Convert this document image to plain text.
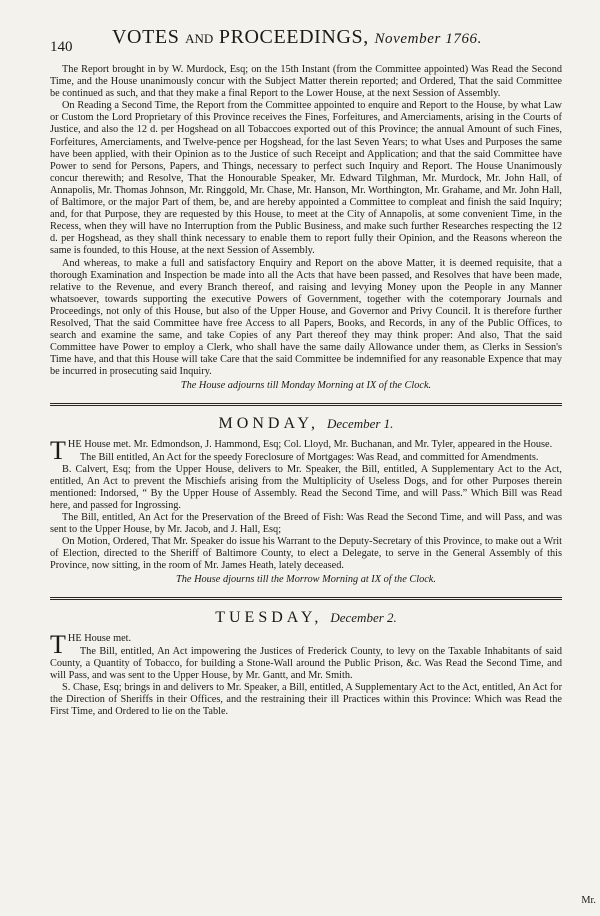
140 VOTES AND PROCEEDINGS, November 1766.

The Report brought in by W. Murdock, Esq; on the 15th Instant (from the Committee appointed) Was Read the Second Time, and the House unanimously concur with the Subject Matter therein reported; and Ordered, That the said Committee be continued as such, and that they make a final Report to the Lower House, at the next Session of Assembly.

On Reading a Second Time, the Report from the Committee appointed to enquire and Report to the House, by what Law or Custom the Lord Proprietary of this Province receives the Fines, Forfeitures, and Amerciaments, arising in the Courts of Justice, and also the 12 d. per Hogshead on all Tobaccoes exported out of this Province; the annual Amount of such Fines, Forfeitures, Amerciaments, and Twelve-pence per Hogshead, for the last Seven Years; to what Uses and Purposes the same have been applied, with their Opinion as to the Justice of such Receipt and Application; and that the said Committee have Power to send for Persons, Papers, and Things, necessary to perfect such Inquiry and Report. The House Unanimously concur therewith; and Resolve, That the Honourable Speaker, Mr. Edward Tilghman, Mr. Murdock, Mr. John Hall, of Annapolis, Mr. Thomas Johnson, Mr. Ringgold, Mr. Chase, Mr. Hanson, Mr. Worthington, Mr. Grahame, and Mr. John Hall, of Baltimore, or the major Part of them, be, and are hereby appointed a Committee to compleat and finish the said Inquiry; and, for that Purpose, they are requested by this House, to meet at the City of Annapolis, at some convenient Time, in the Recess, when they will have no Interruption from the Public Business, and make such further Researches respecting the 12 d. per Hogshead, as they shall think necessary to enable them to report fully their Opinion, and the Reasons whereon the same is founded, to this House, at the next Session of Assembly.

And whereas, to make a full and satisfactory Enquiry and Report on the above Matter, it is deemed requisite, that a thorough Examination and Inspection be made into all the Acts that have been passed, and Resolves that have been made, relative to the Revenue, and every Branch thereof, and raising and levying Money upon the People in any Manner whatsoever, towards supporting the executive Powers of Government, together with the cotemporary Journals and Proceedings, not only of this House, but also of the Upper House, and Governor and Privy Council. It is therefore further Resolved, That the said Committee have free Access to all Papers, Books, and Records, in any of the Public Offices, to search and examine the same, and take Copies of any Part thereof they may think proper: And also, That the said Committee have Power to employ a Clerk, who shall have the same daily Allowance under them, as Clerks in Session's Time have, and that this House will take Care that the said Committee be indemnified for any reasonable Expence that may be incurred in prosecuting said Inquiry.

The House adjourns till Monday Morning at IX of the Clock.

MONDAY, December 1.

THE House met. Mr. Edmondson, J. Hammond, Esq; Col. Lloyd, Mr. Buchanan, and Mr. Tyler, appeared in the House.

The Bill entitled, An Act for the speedy Foreclosure of Mortgages: Was Read, and committed for Amendments.

B. Calvert, Esq; from the Upper House, delivers to Mr. Speaker, the Bill, entitled, A Supplementary Act to the Act, entitled, An Act to prevent the Mischiefs arising from the Multiplicity of Useless Dogs, and for other Purposes therein mentioned: Indorsed, “ By the Upper House of Assembly. Read the Second Time, and will Pass.” Which Bill was Read here, and passed for Ingrossing.

The Bill, entitled, An Act for the Preservation of the Breed of Fish: Was Read the Second Time, and will Pass, and was sent to the Upper House, by Mr. Jacob, and J. Hall, Esq;

On Motion, Ordered, That Mr. Speaker do issue his Warrant to the Deputy-Secretary of this Province, to make out a Writ of Election, directed to the Sheriff of Baltimore County, to elect a Delegate, to serve in the General Assembly of this Province, now sitting, in the room of Mr. James Heath, lately deceased.

The House djourns till the Morrow Morning at IX of the Clock.

TUESDAY, December 2.

THE House met.

The Bill, entitled, An Act impowering the Justices of Frederick County, to levy on the Taxable Inhabitants of said County, a Quantity of Tobacco, for building a Stone-Wall around the Public Prison, &c. Was Read the Second Time, and will Pass, and was sent to the Upper House, by Mr. Gantt, and Mr. Smith.

S. Chase, Esq; brings in and delivers to Mr. Speaker, a Bill, entitled, A Supplementary Act to the Act, entitled, An Act for the Direction of Sheriffs in their Offices, and the restraining their ill Practices within this Province: Which was Read the First Time, and Ordered to lie on the Table.

Mr.
